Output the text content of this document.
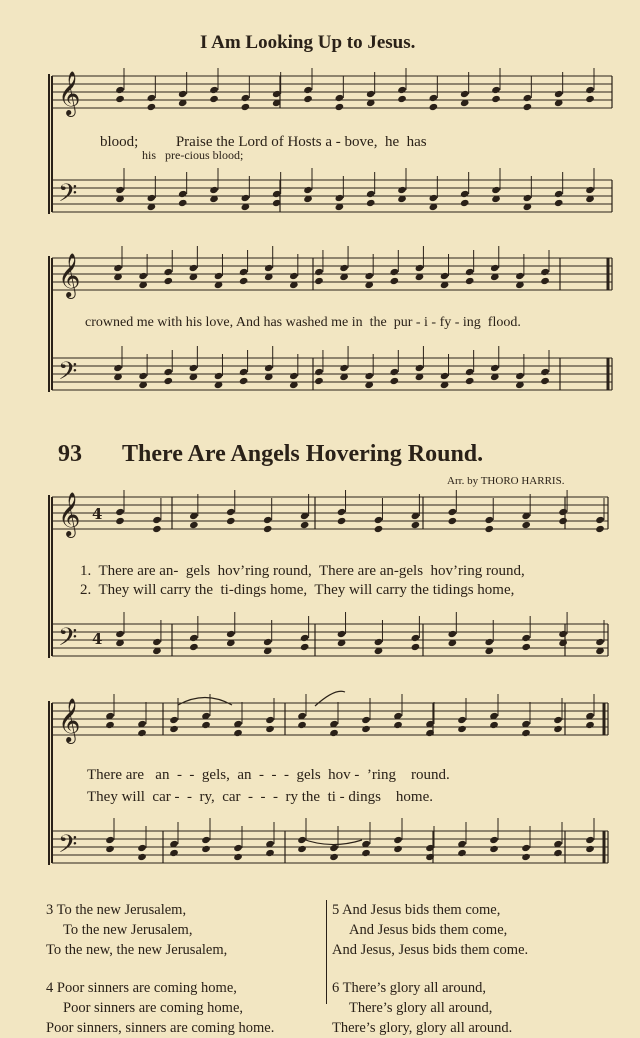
𝄞
𝄢
𝄞
𝄢
𝄞
𝄢
4
4
𝄞
𝄢
I Am Looking Up to Jesus.
blood;          Praise the Lord of Hosts a - bove,  he  has
his   pre-cious blood;
crowned me with his love, And has washed me in  the  pur - i - fy - ing  flood.
93 There Are Angels Hovering Round.
Arr. by THORO HARRIS.
1.  There are an-  gels  hov’ring round,  There are an-gels  hov’ring round,
2.  They will carry the  ti-dings home,  They will carry the tidings home,
There are   an  -  -  gels,  an  -  -  -  gels  hov -  ’ring    round.
They will  car -  -  ry,  car  -  -  -  ry the  ti - dings    home.
3 To the new Jerusalem,
To the new Jerusalem,
To the new, the new Jerusalem,
4 Poor sinners are coming home,
Poor sinners are coming home,
Poor sinners, sinners are coming home.
5 And Jesus bids them come,
And Jesus bids them come,
And Jesus, Jesus bids them come.
6 There’s glory all around,
There’s glory all around,
There’s glory, glory all around.
